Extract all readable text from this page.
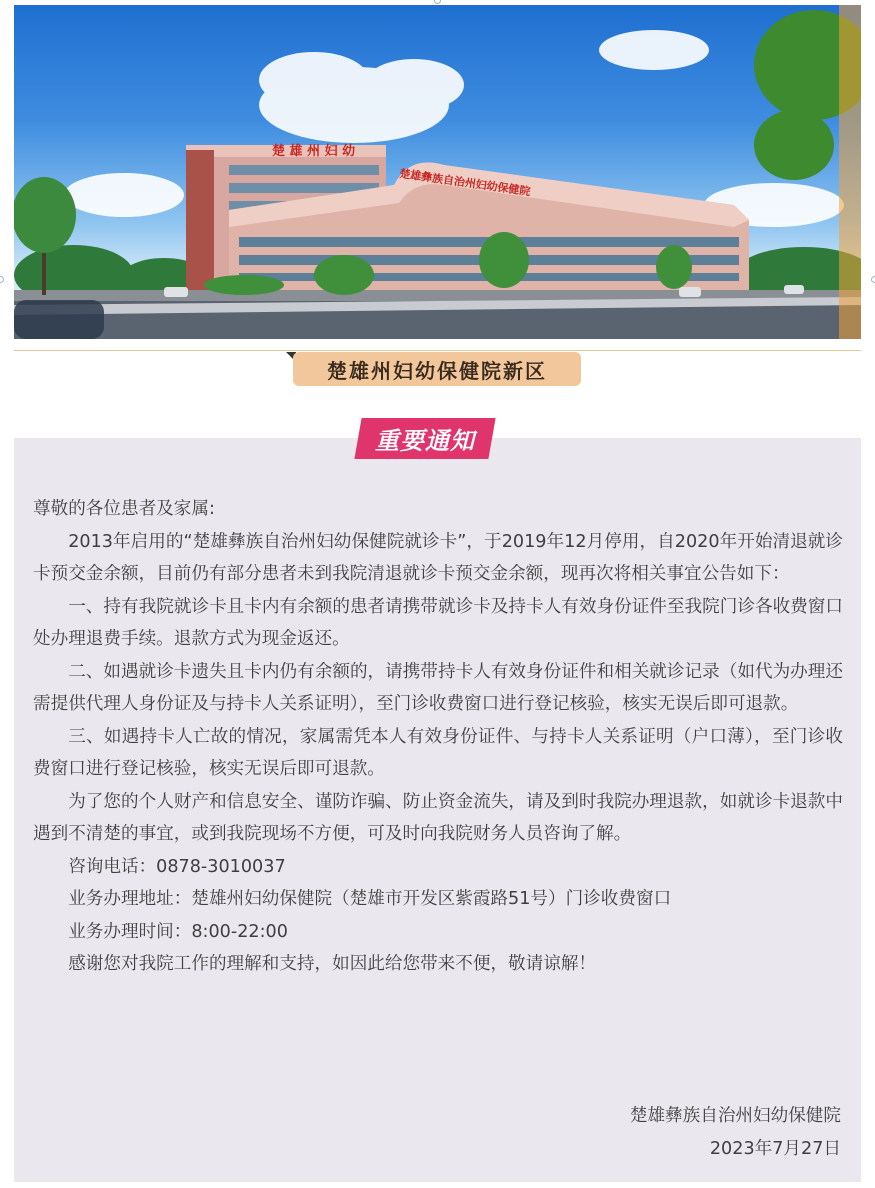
楚 雄 州 妇 幼
楚雄彝族自治州妇幼保健院
楚雄州妇幼保健院新区
重要通知

尊敬的各位患者及家属:

2013年启用的“楚雄彝族自治州妇幼保健院就诊卡”，于2019年12月停用，自2020年开始清退就诊卡预交金余额，目前仍有部分患者未到我院清退就诊卡预交金余额，现再次将相关事宜公告如下：

一、持有我院就诊卡且卡内有余额的患者请携带就诊卡及持卡人有效身份证件至我院门诊各收费窗口处办理退费手续。退款方式为现金返还。

二、如遇就诊卡遗失且卡内仍有余额的，请携带持卡人有效身份证件和相关就诊记录（如代为办理还需提供代理人身份证及与持卡人关系证明），至门诊收费窗口进行登记核验，核实无误后即可退款。

三、如遇持卡人亡故的情况，家属需凭本人有效身份证件、与持卡人关系证明（户口薄），至门诊收费窗口进行登记核验，核实无误后即可退款。

为了您的个人财产和信息安全、谨防诈骗、防止资金流失，请及到时我院办理退款，如就诊卡退款中遇到不清楚的事宜，或到我院现场不方便，可及时向我院财务人员咨询了解。

咨询电话：0878-3010037

业务办理地址：楚雄州妇幼保健院（楚雄市开发区紫霞路51号）门诊收费窗口

业务办理时间：8:00-22:00

感谢您对我院工作的理解和支持，如因此给您带来不便，敬请谅解！

楚雄彝族自治州妇幼保健院
2023年7月27日
